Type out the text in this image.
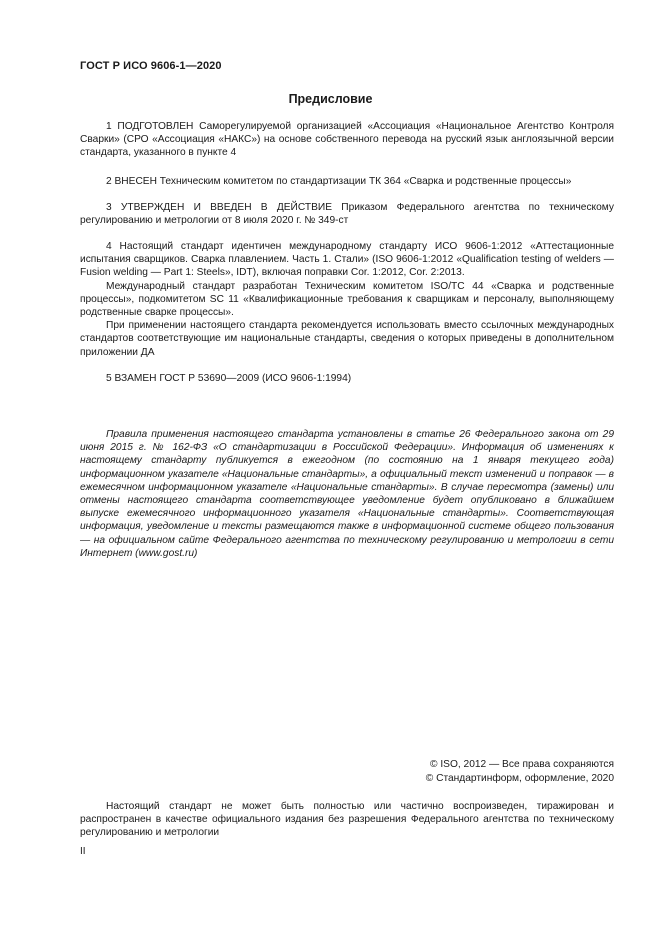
ГОСТ Р ИСО 9606-1—2020
Предисловие

1 ПОДГОТОВЛЕН Саморегулируемой организацией «Ассоциация «Национальное Агентство Контроля Сварки» (СРО «Ассоциация «НАКС») на основе собственного перевода на русский язык англоязычной версии стандарта, указанного в пункте 4

2 ВНЕСЕН Техническим комитетом по стандартизации ТК 364 «Сварка и родственные процессы»

3 УТВЕРЖДЕН И ВВЕДЕН В ДЕЙСТВИЕ Приказом Федерального агентства по техническому регулированию и метрологии от 8 июля 2020 г. № 349-ст

4 Настоящий стандарт идентичен международному стандарту ИСО 9606-1:2012 «Аттестационные испытания сварщиков. Сварка плавлением. Часть 1. Стали» (ISO 9606-1:2012 «Qualification testing of welders — Fusion welding — Part 1: Steels», IDT), включая поправки Cor. 1:2012, Cor. 2:2013.

Международный стандарт разработан Техническим комитетом ISO/TC 44 «Сварка и родственные процессы», подкомитетом SC 11 «Квалификационные требования к сварщикам и персоналу, выполняющему родственные сварке процессы».

При применении настоящего стандарта рекомендуется использовать вместо ссылочных международных стандартов соответствующие им национальные стандарты, сведения о которых приведены в дополнительном приложении ДА

5 ВЗАМЕН ГОСТ Р 53690—2009 (ИСО 9606-1:1994)

Правила применения настоящего стандарта установлены в статье 26 Федерального закона от 29 июня 2015 г. № 162-ФЗ «О стандартизации в Российской Федерации». Информация об изменениях к настоящему стандарту публикуется в ежегодном (по состоянию на 1 января текущего года) информационном указателе «Национальные стандарты», а официальный текст изменений и поправок — в ежемесячном информационном указателе «Национальные стандарты». В случае пересмотра (замены) или отмены настоящего стандарта соответствующее уведомление будет опубликовано в ближайшем выпуске ежемесячного информационного указателя «Национальные стандарты». Соответствующая информация, уведомление и тексты размещаются также в информационной системе общего пользования — на официальном сайте Федерального агентства по техническому регулированию и метрологии в сети Интернет (www.gost.ru)

© ISO, 2012 — Все права сохраняются
© Стандартинформ, оформление, 2020

Настоящий стандарт не может быть полностью или частично воспроизведен, тиражирован и распространен в качестве официального издания без разрешения Федерального агентства по техническому регулированию и метрологии

II
